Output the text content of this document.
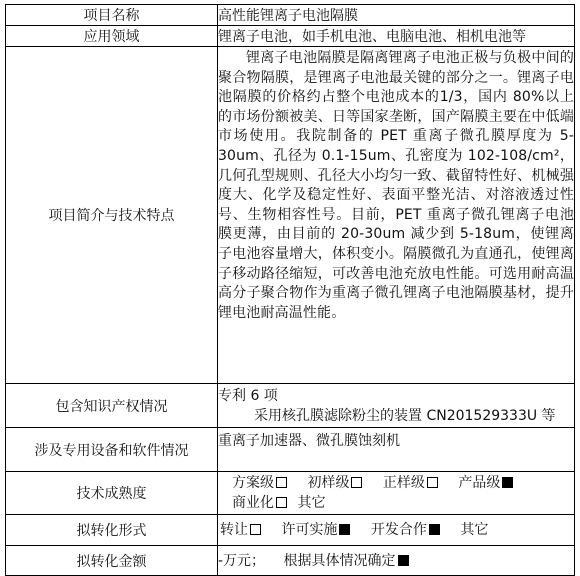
项目名称	高性能锂离子电池隔膜
应用领域	锂离子电池，如手机电池、电脑电池、相机电池等
项目简介与技术特点	锂离子电池隔膜是隔离锂离子电池正极与负极中间的聚合物隔膜，是锂离子电池最关键的部分之一。锂离子电池隔膜的价格约占整个电池成本的1/3，国内 80%以上的市场份额被美、日等国家垄断，国产隔膜主要在中低端市场使用。我院制备的 PET 重离子微孔膜厚度为 5-30um、孔径为 0.1-15um、孔密度为 102-108/cm²，几何孔型规则、孔径大小均匀一致、截留特性好、机械强度大、化学及稳定性好、表面平整光洁、对溶液透过性号、生物相容性号。目前，PET 重离子微孔锂离子电池膜更薄，由目前的 20-30um 减少到 5-18um，使锂离子电池容量增大，体积变小。隔膜微孔为直通孔，使锂离子移动路径缩短，可改善电池充放电性能。可选用耐高温高分子聚合物作为重离子微孔锂离子电池隔膜基材，提升锂电池耐高温性能。

包含知识产权情况	专利 6 项
采用核孔膜滤除粉尘的装置 CN201529333U 等

涉及专用设备和软件情况	重离子加速器、微孔膜蚀刻机
技术成熟度	方案级 初样级 正样级 产品级
商业化 其它

拟转化形式	转让 许可实施 开发合作 其它

拟转化金额	-万元； 根据具体情况确定
